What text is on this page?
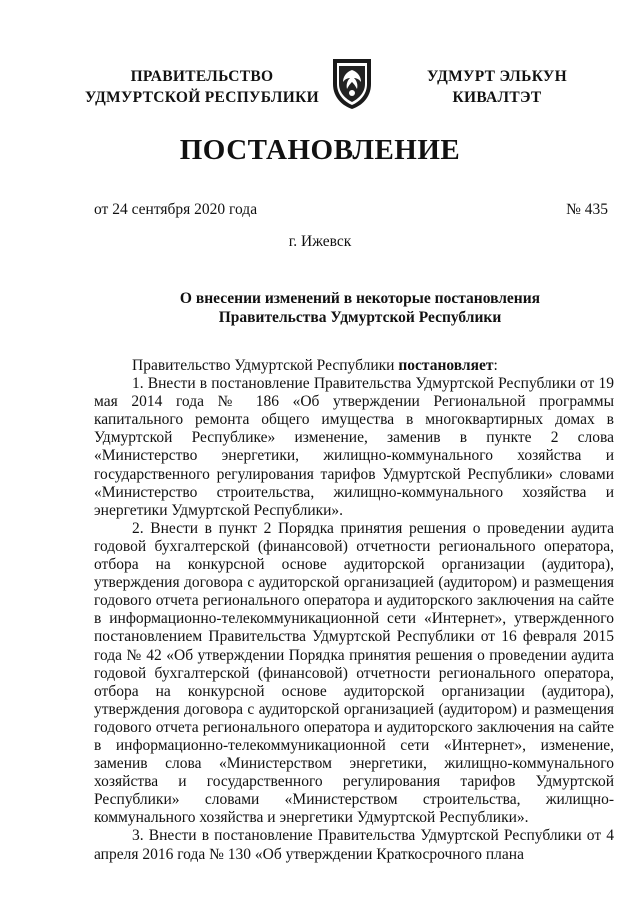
ПРАВИТЕЛЬСТВО
УДМУРТСКОЙ РЕСПУБЛИКИ
УДМУРТ ЭЛЬКУН
КИВАЛТЭТ
ПОСТАНОВЛЕНИЕ
от 24 сентября 2020 года	№ 435
г. Ижевск
О внесении изменений в некоторые постановления
Правительства Удмуртской Республики

Правительство Удмуртской Республики постановляет:

1. Внести в постановление Правительства Удмуртской Республики от 19 мая 2014 года № 186 «Об утверждении Региональной программы капитального ремонта общего имущества в многоквартирных домах в Удмуртской Республике» изменение, заменив в пункте 2 слова «Министерство энергетики, жилищно-коммунального хозяйства и государственного регулирования тарифов Удмуртской Республики» словами «Министерство строительства, жилищно-коммунального хозяйства и энергетики Удмуртской Республики».

2. Внести в пункт 2 Порядка принятия решения о проведении аудита годовой бухгалтерской (финансовой) отчетности регионального оператора, отбора на конкурсной основе аудиторской организации (аудитора), утверждения договора с аудиторской организацией (аудитором) и размещения годового отчета регионального оператора и аудиторского заключения на сайте в информационно-телекоммуникационной сети «Интернет», утвержденного постановлением Правительства Удмуртской Республики от 16 февраля 2015 года № 42 «Об утверждении Порядка принятия решения о проведении аудита годовой бухгалтерской (финансовой) отчетности регионального оператора, отбора на конкурсной основе аудиторской организации (аудитора), утверждения договора с аудиторской организацией (аудитором) и размещения годового отчета регионального оператора и аудиторского заключения на сайте в информационно-телекоммуникационной сети «Интернет», изменение, заменив слова «Министерством энергетики, жилищно-коммунального хозяйства и государственного регулирования тарифов Удмуртской Республики» словами «Министерством строительства, жилищно-коммунального хозяйства и энергетики Удмуртской Республики».

3. Внести в постановление Правительства Удмуртской Республики от 4 апреля 2016 года № 130 «Об утверждении Краткосрочного плана
